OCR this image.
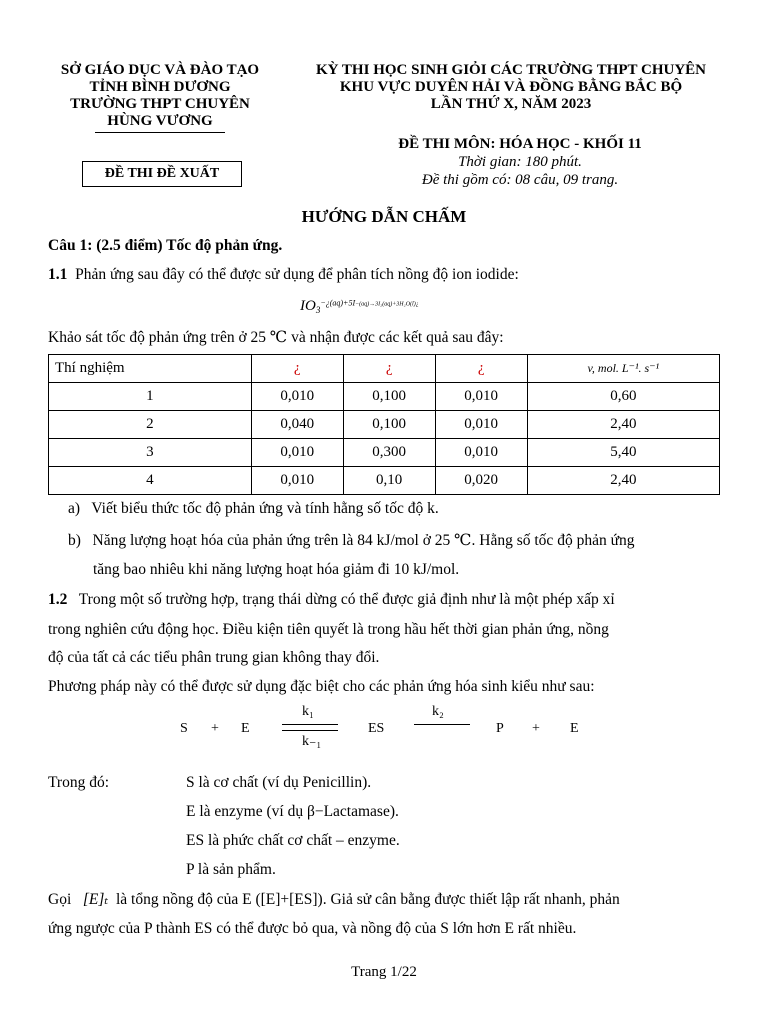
SỞ GIÁO DỤC VÀ ĐÀO TẠO
TỈNH BÌNH DƯƠNG
TRƯỜNG THPT CHUYÊN
HÙNG VƯƠNG
KỲ THI HỌC SINH GIỎI CÁC TRƯỜNG THPT CHUYÊN
KHU VỰC DUYÊN HẢI VÀ ĐỒNG BẰNG BẮC BỘ
LẦN THỨ X, NĂM 2023
ĐỀ THI ĐỀ XUẤT
ĐỀ THI MÔN: HÓA HỌC - KHỐI 11
Thời gian: 180 phút.
Đề thi gồm có: 08 câu, 09 trang.
HƯỚNG DẪN CHẤM
Câu 1: (2.5 điểm) Tốc độ phản ứng.
1.1 Phản ứng sau đây có thể được sử dụng để phân tích nồng độ ion iodide:
$IO_3^{-¿(aq)+5I-(aq)\to 3I_2(aq)+3H_2O(l)¿}$
Khảo sát tốc độ phản ứng trên ở 25 ℃ và nhận được các kết quả sau đây:
Thí nghiệm	¿	¿	¿	v, mol. L⁻¹. s⁻¹
1	0,010	0,100	0,010	0,60
2	0,040	0,100	0,010	2,40
3	0,010	0,300	0,010	5,40
4	0,010	0,10	0,020	2,40
a) Viết biểu thức tốc độ phản ứng và tính hằng số tốc độ k.
b) Năng lượng hoạt hóa của phản ứng trên là 84 kJ/mol ở 25 ℃. Hằng số tốc độ phản ứng
tăng bao nhiêu khi năng lượng hoạt hóa giảm đi 10 kJ/mol.
1.2 Trong một số trường hợp, trạng thái dừng có thể được giả định như là một phép xấp xỉ
trong nghiên cứu động học. Điều kiện tiên quyết là trong hầu hết thời gian phản ứng, nồng
độ của tất cả các tiểu phân trung gian không thay đổi.
Phương pháp này có thể được sử dụng đặc biệt cho các phản ứng hóa sinh kiểu như sau:
S + E
k₁
k₋₁
ES
k₂
P + E
Trong đó:	S là cơ chất (ví dụ Penicillin).
E là enzyme (ví dụ β−Lactamase).
ES là phức chất cơ chất – enzyme.
P là sản phẩm.
Gọi [E]ₜ là tổng nồng độ của E ([E]+[ES]). Giả sử cân bằng được thiết lập rất nhanh, phản
ứng ngược của P thành ES có thể được bỏ qua, và nồng độ của S lớn hơn E rất nhiều.
Trang 1/22
